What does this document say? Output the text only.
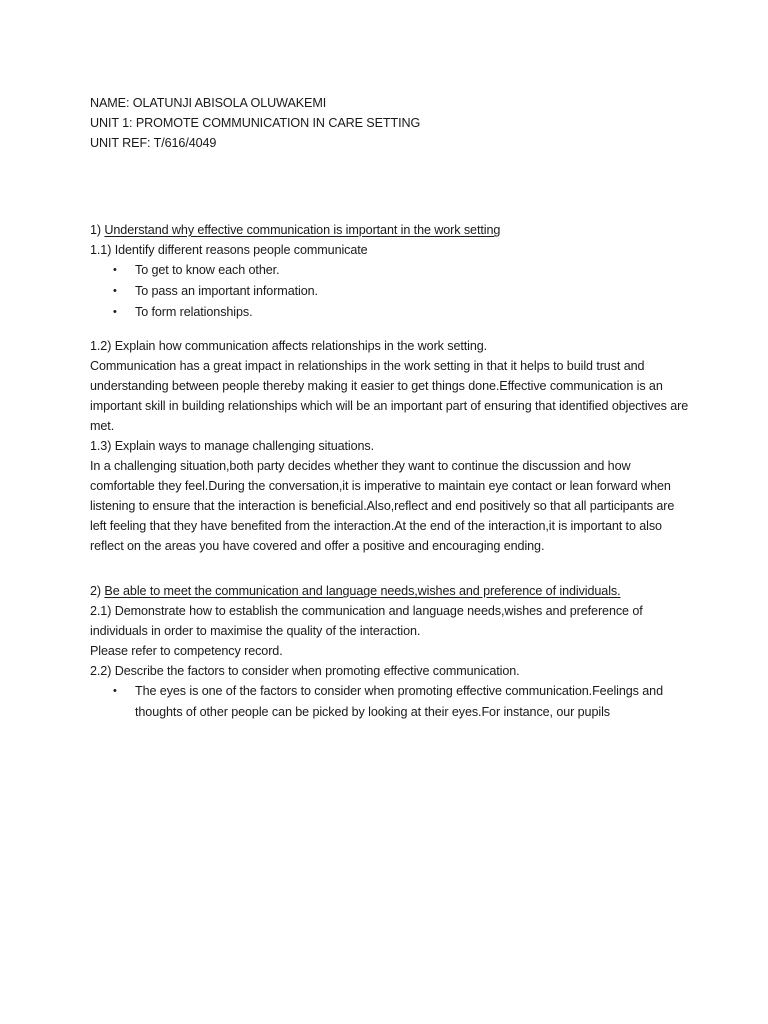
NAME: OLATUNJI ABISOLA OLUWAKEMI

UNIT 1: PROMOTE COMMUNICATION IN CARE SETTING

UNIT REF: T/616/4049

1) Understand why effective communication is important in the work setting

1.1) Identify different reasons people communicate

• To get to know each other.
• To pass an important information.
• To form relationships.

1.2) Explain how communication affects relationships in the work setting.

Communication has a great impact in relationships in the work setting in that it helps to build trust and understanding between people thereby making it easier to get things done.Effective communication is an important skill in building relationships which will be an important part of ensuring that identified objectives are met.

1.3) Explain ways to manage challenging situations.

In a challenging situation,both party decides whether they want to continue the discussion and how comfortable they feel.During the conversation,it is imperative to maintain eye contact or lean forward when listening to ensure that the interaction is beneficial.Also,reflect and end positively so that all participants are left feeling that they have benefited from the interaction.At the end of the interaction,it is important to also reflect on the areas you have covered and offer a positive and encouraging ending.

2) Be able to meet the communication and language needs,wishes and preference of individuals.

2.1) Demonstrate how to establish the communication and language needs,wishes and preference of individuals in order to maximise the quality of the interaction.

Please refer to competency record.

2.2) Describe the factors to consider when promoting effective communication.

• The eyes is one of the factors to consider when promoting effective communication.Feelings and thoughts of other people can be picked by looking at their eyes.For instance, our pupils
